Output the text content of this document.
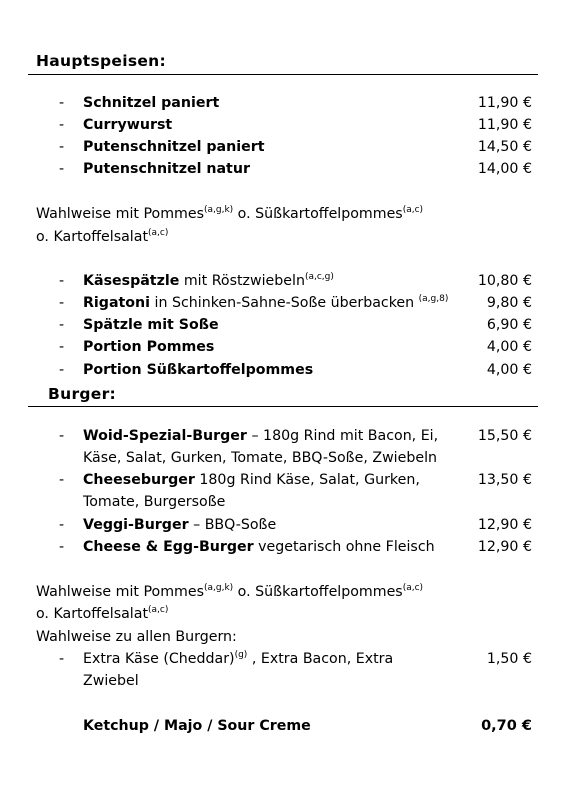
Hauptspeisen:
- Schnitzel paniert	11,90 €
- Currywurst	11,90 €
- Putenschnitzel paniert	14,50 €
- Putenschnitzel natur	14,00 €
Wahlweise mit Pommes$^{(a,g,k)}$ o. Süßkartoffelpommes$^{(a,c)}$
o. Kartoffelsalat$^{(a,c)}$
- Käsespätzle mit Röstzwiebeln$^{(a,c,g)}$	10,80 €
- Rigatoni in Schinken-Sahne-Soße überbacken $^{(a,g,8)}$	9,80 €
- Spätzle mit Soße	6,90 €
- Portion Pommes	4,00 €
- Portion Süßkartoffelpommes	4,00 €
Burger:
- Woid-Spezial-Burger – 180g Rind mit Bacon, Ei, Käse, Salat, Gurken, Tomate, BBQ-Soße, Zwiebeln
15,50 €
- Cheeseburger 180g Rind Käse, Salat, Gurken, Tomate, Burgersoße
13,50 €
- Veggi-Burger – BBQ-Soße	12,90 €
- Cheese & Egg-Burger vegetarisch ohne Fleisch	12,90 €
Wahlweise mit Pommes$^{(a,g,k)}$ o. Süßkartoffelpommes$^{(a,c)}$
o. Kartoffelsalat$^{(a,c)}$
Wahlweise zu allen Burgern:
- Extra Käse (Cheddar)$^{(g)}$ , Extra Bacon, Extra Zwiebel
1,50 €
Ketchup / Majo / Sour Creme	0,70 €
